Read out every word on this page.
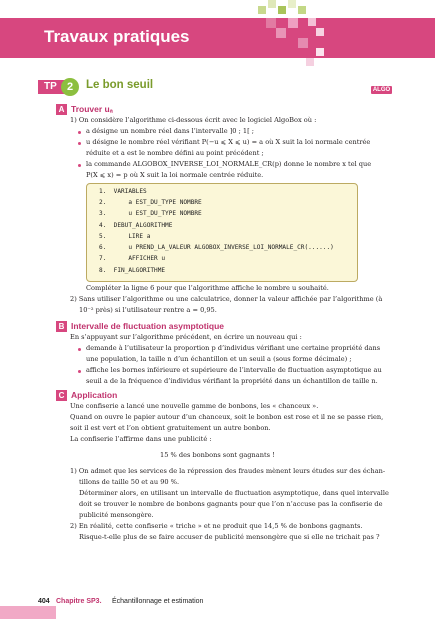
Travaux pratiques
TP 2	Le bon seuil	ALGO
A Trouver uₐ
1) On considère l’algorithme ci-dessous écrit avec le logiciel AlgoBox où :
a désigne un nombre réel dans l’intervalle ]0 ; 1[ ;
u désigne le nombre réel vérifiant P(−u ⩽ X ⩽ u) = a où X suit la loi normale centrée
réduite et a est le nombre défini au point précédent ;
la commande ALGOBOX_INVERSE_LOI_NORMALE_CR(p) donne le nombre x tel que
P(X ⩽ x) = p où X suit la loi normale centrée réduite.
1.  VARIABLES
2.      a EST_DU_TYPE NOMBRE
3.      u EST_DU_TYPE NOMBRE
4.  DEBUT_ALGORITHME
5.      LIRE a
6.      u PREND_LA_VALEUR ALGOBOX_INVERSE_LOI_NORMALE_CR(......)
7.      AFFICHER u
8.  FIN_ALGORITHME
Compléter la ligne 6 pour que l’algorithme affiche le nombre u souhaité.
2) Sans utiliser l’algorithme ou une calculatrice, donner la valeur affichée par l’algorithme (à
10⁻² près) si l’utilisateur rentre a = 0,95.
B Intervalle de fluctuation asymptotique
En s’appuyant sur l’algorithme précédent, en écrire un nouveau qui :
demande à l’utilisateur la proportion p d’individus vérifiant une certaine propriété dans
une population, la taille n d’un échantillon et un seuil a (sous forme décimale) ;
affiche les bornes inférieure et supérieure de l’intervalle de fluctuation asymptotique au
seuil a de la fréquence d’individus vérifiant la propriété dans un échantillon de taille n.
C Application
Une confiserie a lancé une nouvelle gamme de bonbons, les « chanceux ».
Quand on ouvre le papier autour d’un chanceux, soit le bonbon est rose et il ne se passe rien,
soit il est vert et l’on obtient gratuitement un autre bonbon.
La confiserie l’affirme dans une publicité :
15 % des bonbons sont gagnants !
1) On admet que les services de la répression des fraudes mènent leurs études sur des échan-
tillons de taille 50 et au 90 %.
Déterminer alors, en utilisant un intervalle de fluctuation asymptotique, dans quel intervalle
doit se trouver le nombre de bonbons gagnants pour que l’on n’accuse pas la confiserie de
publicité mensongère.
2) En réalité, cette confiserie « triche » et ne produit que 14,5 % de bonbons gagnants.
Risque-t-elle plus de se faire accuser de publicité mensongère que si elle ne trichait pas ?
404 Chapitre SP3. Échantillonnage et estimation
